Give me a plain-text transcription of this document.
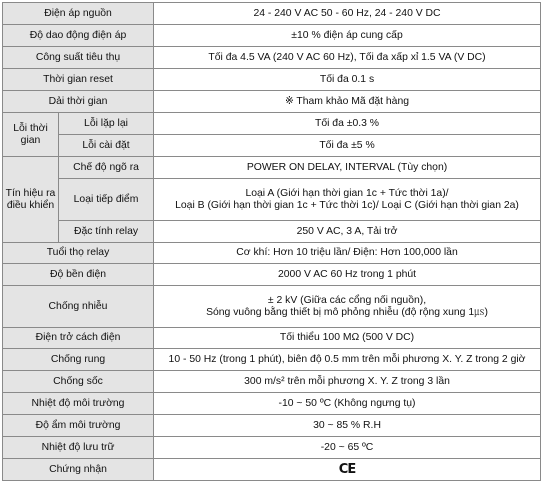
Điện áp nguồn		24 - 240 V AC 50 - 60 Hz, 24 - 240 V DC
Độ dao động điện áp		±10 % điện áp cung cấp
Công suất tiêu thụ		Tối đa 4.5 VA (240 V AC 60 Hz), Tối đa xấp xỉ 1.5 VA (V DC)
Thời gian reset		Tối đa 0.1 s
Dải thời gian		※ Tham khảo Mã đặt hàng
Lỗi thời gian	Lỗi lặp lại	Tối đa ±0.3 %
	Lỗi cài đặt	Tối đa ±5 %
Tín hiệu ra điều khiển	Chế độ ngõ ra	POWER ON DELAY, INTERVAL (Tùy chọn)
	Loại tiếp điểm	Loại A (Giới hạn thời gian 1c + Tức thời 1a)/
Loại B (Giới hạn thời gian 1c + Tức thời 1c)/ Loại C (Giới hạn thời gian 2a)

	Đặc tính relay	250 V AC, 3 A, Tải trở
Tuổi thọ relay		Cơ khí: Hơn 10 triệu lần/ Điện: Hơn 100,000 lần
Độ bền điện		2000 V AC 60 Hz trong 1 phút
Chống nhiễu		± 2 kV (Giữa các cổng nối nguồn),
Sóng vuông bằng thiết bị mô phỏng nhiễu (độ rộng xung 1㎲)

Điện trở cách điện		Tối thiểu 100 MΩ (500 V DC)
Chống rung		10 - 50 Hz (trong 1 phút), biên độ 0.5 mm trên mỗi phương X. Y. Z trong 2 giờ
Chống sốc		300 m/s² trên mỗi phương X. Y. Z trong 3 lần
Nhiệt độ môi trường		-10 ~ 50 ºC (Không ngưng tụ)
Độ ẩm môi trường		30 ~ 85 % R.H
Nhiệt độ lưu trữ		-20 ~ 65 ºC
Chứng nhận		CE
